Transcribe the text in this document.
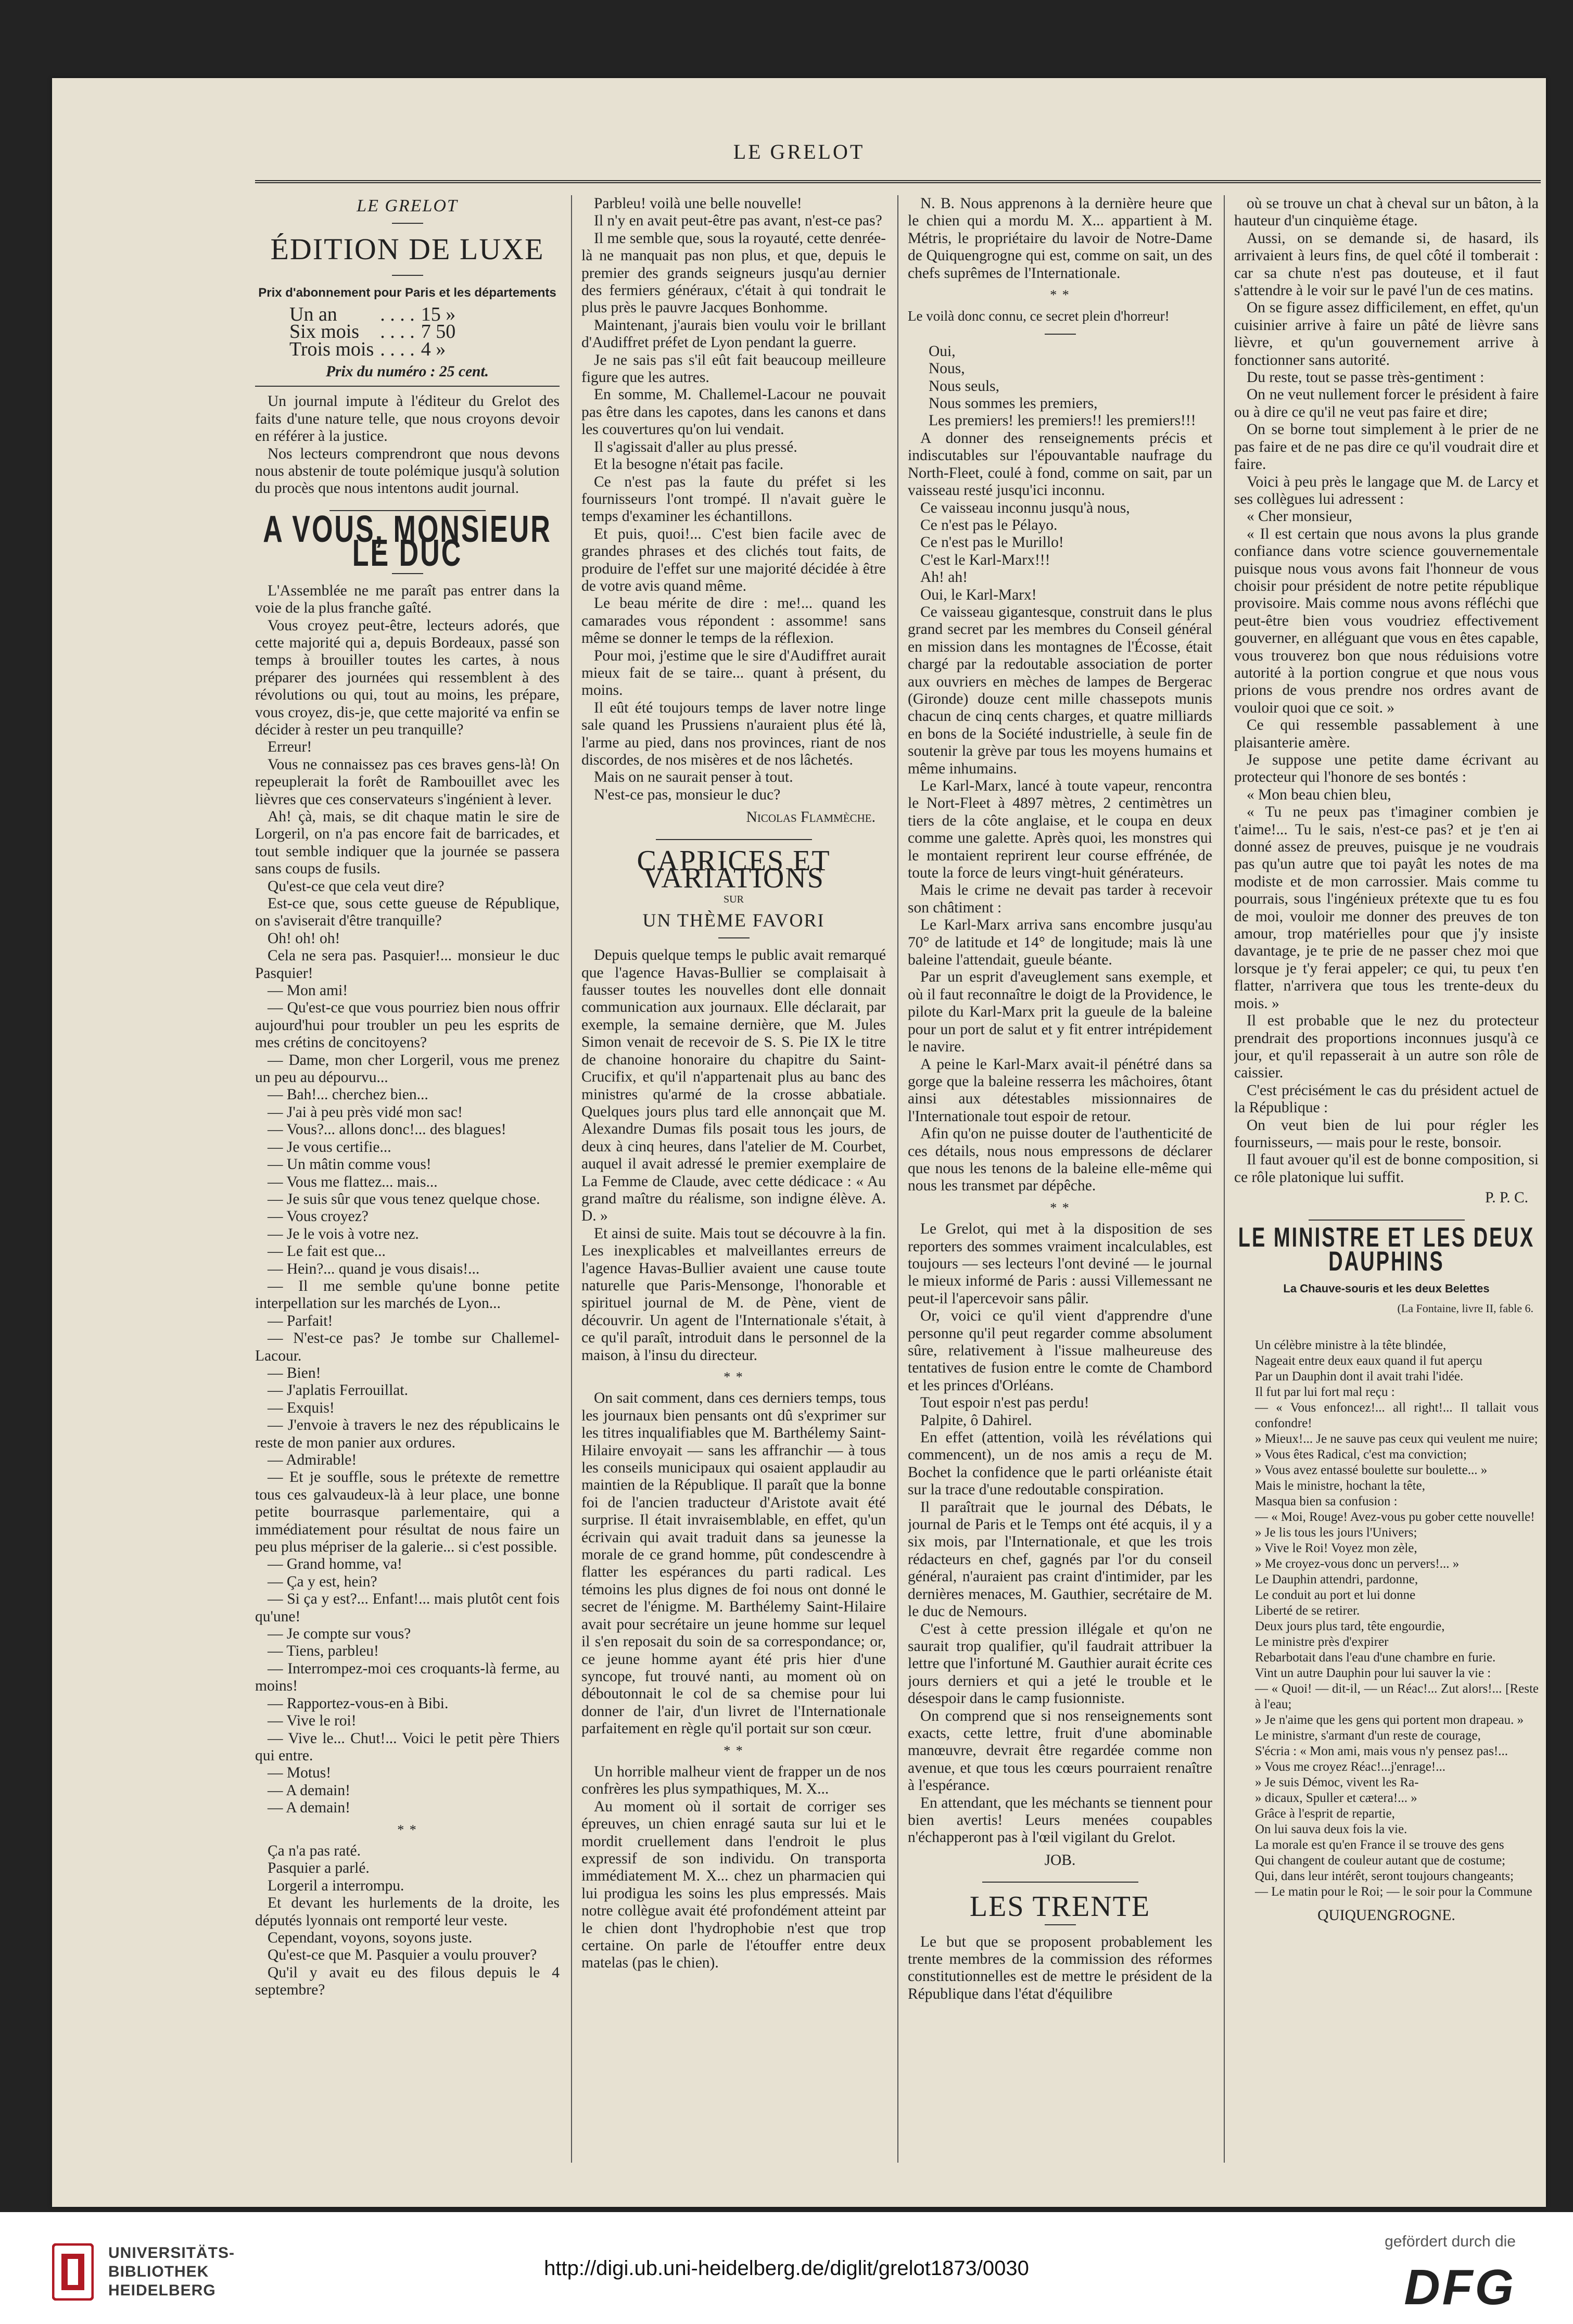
LE GRELOT
LE GRELOT
ÉDITION DE LUXE
Prix d'abonnement pour Paris et les départements
Un an	. . . .	15 »
Six mois	. . . .	7 50
Trois mois	. . . .	4 »
Prix du numéro : 25 cent.

Un journal impute à l'éditeur du Grelot des faits d'une nature telle, que nous croyons devoir en référer à la justice.

Nos lecteurs comprendront que nous devons nous abstenir de toute polémique jusqu'à solution du procès que nous intentons audit journal.

A VOUS, MONSIEUR LE DUC

L'Assemblée ne me paraît pas entrer dans la voie de la plus franche gaîté.

Vous croyez peut-être, lecteurs adorés, que cette majorité qui a, depuis Bordeaux, passé son temps à brouiller toutes les cartes, à nous préparer des journées qui ressemblent à des révolutions ou qui, tout au moins, les prépare, vous croyez, dis-je, que cette majorité va enfin se décider à rester un peu tranquille?

Erreur!

Vous ne connaissez pas ces braves gens-là! On repeuplerait la forêt de Rambouillet avec les lièvres que ces conservateurs s'ingénient à lever.

Ah! çà, mais, se dit chaque matin le sire de Lorgeril, on n'a pas encore fait de barricades, et tout semble indiquer que la journée se passera sans coups de fusils.

Qu'est-ce que cela veut dire?

Est-ce que, sous cette gueuse de République, on s'aviserait d'être tranquille?

Oh! oh! oh!

Cela ne sera pas. Pasquier!... monsieur le duc Pasquier!

— Mon ami!

— Qu'est-ce que vous pourriez bien nous offrir aujourd'hui pour troubler un peu les esprits de mes crétins de concitoyens?

— Dame, mon cher Lorgeril, vous me prenez un peu au dépourvu...

— Bah!... cherchez bien...

— J'ai à peu près vidé mon sac!

— Vous?... allons donc!... des blagues!

— Je vous certifie...

— Un mâtin comme vous!

— Vous me flattez... mais...

— Je suis sûr que vous tenez quelque chose.

— Vous croyez?

— Je le vois à votre nez.

— Le fait est que...

— Hein?... quand je vous disais!...

— Il me semble qu'une bonne petite interpellation sur les marchés de Lyon...

— Parfait!

— N'est-ce pas? Je tombe sur Challemel-Lacour.

— Bien!

— J'aplatis Ferrouillat.

— Exquis!

— J'envoie à travers le nez des républicains le reste de mon panier aux ordures.

— Admirable!

— Et je souffle, sous le prétexte de remettre tous ces galvaudeux-là à leur place, une bonne petite bourrasque parlementaire, qui a immédiatement pour résultat de nous faire un peu plus mépriser de la galerie... si c'est possible.

— Grand homme, va!

— Ça y est, hein?

— Si ça y est?... Enfant!... mais plutôt cent fois qu'une!

— Je compte sur vous?

— Tiens, parbleu!

— Interrompez-moi ces croquants-là ferme, au moins!

— Rapportez-vous-en à Bibi.

— Vive le roi!

— Vive le... Chut!... Voici le petit père Thiers qui entre.

— Motus!

— A demain!

— A demain!

* *

Ça n'a pas raté.

Pasquier a parlé.

Lorgeril a interrompu.

Et devant les hurlements de la droite, les députés lyonnais ont remporté leur veste.

Cependant, voyons, soyons juste.

Qu'est-ce que M. Pasquier a voulu prouver?

Qu'il y avait eu des filous depuis le 4 septembre?

Parbleu! voilà une belle nouvelle!

Il n'y en avait peut-être pas avant, n'est-ce pas?

Il me semble que, sous la royauté, cette denrée-là ne manquait pas non plus, et que, depuis le premier des grands seigneurs jusqu'au dernier des fermiers généraux, c'était à qui tondrait le plus près le pauvre Jacques Bonhomme.

Maintenant, j'aurais bien voulu voir le brillant d'Audiffret préfet de Lyon pendant la guerre.

Je ne sais pas s'il eût fait beaucoup meilleure figure que les autres.

En somme, M. Challemel-Lacour ne pouvait pas être dans les capotes, dans les canons et dans les couvertures qu'on lui vendait.

Il s'agissait d'aller au plus pressé.

Et la besogne n'était pas facile.

Ce n'est pas la faute du préfet si les fournisseurs l'ont trompé. Il n'avait guère le temps d'examiner les échantillons.

Et puis, quoi!... C'est bien facile avec de grandes phrases et des clichés tout faits, de produire de l'effet sur une majorité décidée à être de votre avis quand même.

Le beau mérite de dire : me!... quand les camarades vous répondent : assomme! sans même se donner le temps de la réflexion.

Pour moi, j'estime que le sire d'Audiffret aurait mieux fait de se taire... quant à présent, du moins.

Il eût été toujours temps de laver notre linge sale quand les Prussiens n'auraient plus été là, l'arme au pied, dans nos provinces, riant de nos discordes, de nos misères et de nos lâchetés.

Mais on ne saurait penser à tout.

N'est-ce pas, monsieur le duc?

Nicolas Flammèche.
CAPRICES ET VARIATIONS
SUR
UN THÈME FAVORI

Depuis quelque temps le public avait remarqué que l'agence Havas-Bullier se complaisait à fausser toutes les nouvelles dont elle donnait communication aux journaux. Elle déclarait, par exemple, la semaine dernière, que M. Jules Simon venait de recevoir de S. S. Pie IX le titre de chanoine honoraire du chapitre du Saint-Crucifix, et qu'il n'appartenait plus au banc des ministres qu'armé de la crosse abbatiale. Quelques jours plus tard elle annonçait que M. Alexandre Dumas fils posait tous les jours, de deux à cinq heures, dans l'atelier de M. Courbet, auquel il avait adressé le premier exemplaire de La Femme de Claude, avec cette dédicace : « Au grand maître du réalisme, son indigne élève. A. D. »

Et ainsi de suite. Mais tout se découvre à la fin. Les inexplicables et malveillantes erreurs de l'agence Havas-Bullier avaient une cause toute naturelle que Paris-Mensonge, l'honorable et spirituel journal de M. de Pène, vient de découvrir. Un agent de l'Internationale s'était, à ce qu'il paraît, introduit dans le personnel de la maison, à l'insu du directeur.

* *

On sait comment, dans ces derniers temps, tous les journaux bien pensants ont dû s'exprimer sur les titres inqualifiables que M. Barthélemy Saint-Hilaire envoyait — sans les affranchir — à tous les conseils municipaux qui osaient applaudir au maintien de la République. Il paraît que la bonne foi de l'ancien traducteur d'Aristote avait été surprise. Il était invraisemblable, en effet, qu'un écrivain qui avait traduit dans sa jeunesse la morale de ce grand homme, pût condescendre à flatter les espérances du parti radical. Les témoins les plus dignes de foi nous ont donné le secret de l'énigme. M. Barthélemy Saint-Hilaire avait pour secrétaire un jeune homme sur lequel il s'en reposait du soin de sa correspondance; or, ce jeune homme ayant été pris hier d'une syncope, fut trouvé nanti, au moment où on déboutonnait le col de sa chemise pour lui donner de l'air, d'un livret de l'Internationale parfaitement en règle qu'il portait sur son cœur.

* *

Un horrible malheur vient de frapper un de nos confrères les plus sympathiques, M. X...

Au moment où il sortait de corriger ses épreuves, un chien enragé sauta sur lui et le mordit cruellement dans l'endroit le plus expressif de son individu. On transporta immédiatement M. X... chez un pharmacien qui lui prodigua les soins les plus empressés. Mais notre collègue avait été profondément atteint par le chien dont l'hydrophobie n'est que trop certaine. On parle de l'étouffer entre deux matelas (pas le chien).

N. B. Nous apprenons à la dernière heure que le chien qui a mordu M. X... appartient à M. Métris, le propriétaire du lavoir de Notre-Dame de Quiquengrogne qui est, comme on sait, un des chefs suprêmes de l'Internationale.

* *

Le voilà donc connu, ce secret plein d'horreur!

Oui,

Nous,

Nous seuls,

Nous sommes les premiers,

Les premiers! les premiers!! les premiers!!!

A donner des renseignements précis et indiscutables sur l'épouvantable naufrage du North-Fleet, coulé à fond, comme on sait, par un vaisseau resté jusqu'ici inconnu.

Ce vaisseau inconnu jusqu'à nous,

Ce n'est pas le Pélayo.

Ce n'est pas le Murillo!

C'est le Karl-Marx!!!

Ah! ah!

Oui, le Karl-Marx!

Ce vaisseau gigantesque, construit dans le plus grand secret par les membres du Conseil général en mission dans les montagnes de l'Écosse, était chargé par la redoutable association de porter aux ouvriers en mèches de lampes de Bergerac (Gironde) douze cent mille chassepots munis chacun de cinq cents charges, et quatre milliards en bons de la Société industrielle, à seule fin de soutenir la grève par tous les moyens humains et même inhumains.

Le Karl-Marx, lancé à toute vapeur, rencontra le Nort-Fleet à 4897 mètres, 2 centimètres un tiers de la côte anglaise, et le coupa en deux comme une galette. Après quoi, les monstres qui le montaient reprirent leur course effrénée, de toute la force de leurs vingt-huit générateurs.

Mais le crime ne devait pas tarder à recevoir son châtiment :

Le Karl-Marx arriva sans encombre jusqu'au 70° de latitude et 14° de longitude; mais là une baleine l'attendait, gueule béante.

Par un esprit d'aveuglement sans exemple, et où il faut reconnaître le doigt de la Providence, le pilote du Karl-Marx prit la gueule de la baleine pour un port de salut et y fit entrer intrépidement le navire.

A peine le Karl-Marx avait-il pénétré dans sa gorge que la baleine resserra les mâchoires, ôtant ainsi aux détestables missionnaires de l'Internationale tout espoir de retour.

Afin qu'on ne puisse douter de l'authenticité de ces détails, nous nous empressons de déclarer que nous les tenons de la baleine elle-même qui nous les transmet par dépêche.

* *

Le Grelot, qui met à la disposition de ses reporters des sommes vraiment incalculables, est toujours — ses lecteurs l'ont deviné — le journal le mieux informé de Paris : aussi Villemessant ne peut-il l'apercevoir sans pâlir.

Or, voici ce qu'il vient d'apprendre d'une personne qu'il peut regarder comme absolument sûre, relativement à l'issue malheureuse des tentatives de fusion entre le comte de Chambord et les princes d'Orléans.

Tout espoir n'est pas perdu!

Palpite, ô Dahirel.

En effet (attention, voilà les révélations qui commencent), un de nos amis a reçu de M. Bochet la confidence que le parti orléaniste était sur la trace d'une redoutable conspiration.

Il paraîtrait que le journal des Débats, le journal de Paris et le Temps ont été acquis, il y a six mois, par l'Internationale, et que les trois rédacteurs en chef, gagnés par l'or du conseil général, n'auraient pas craint d'intimider, par les dernières menaces, M. Gauthier, secrétaire de M. le duc de Nemours.

C'est à cette pression illégale et qu'on ne saurait trop qualifier, qu'il faudrait attribuer la lettre que l'infortuné M. Gauthier aurait écrite ces jours derniers et qui a jeté le trouble et le désespoir dans le camp fusionniste.

On comprend que si nos renseignements sont exacts, cette lettre, fruit d'une abominable manœuvre, devrait être regardée comme non avenue, et que tous les cœurs pourraient renaître à l'espérance.

En attendant, que les méchants se tiennent pour bien avertis! Leurs menées coupables n'échapperont pas à l'œil vigilant du Grelot.

JOB.
LES TRENTE

Le but que se proposent probablement les trente membres de la commission des réformes constitutionnelles est de mettre le président de la République dans l'état d'équilibre

où se trouve un chat à cheval sur un bâton, à la hauteur d'un cinquième étage.

Aussi, on se demande si, de hasard, ils arrivaient à leurs fins, de quel côté il tomberait : car sa chute n'est pas douteuse, et il faut s'attendre à le voir sur le pavé l'un de ces matins.

On se figure assez difficilement, en effet, qu'un cuisinier arrive à faire un pâté de lièvre sans lièvre, et qu'un gouvernement arrive à fonctionner sans autorité.

Du reste, tout se passe très-gentiment :

On ne veut nullement forcer le président à faire ou à dire ce qu'il ne veut pas faire et dire;

On se borne tout simplement à le prier de ne pas faire et de ne pas dire ce qu'il voudrait dire et faire.

Voici à peu près le langage que M. de Larcy et ses collègues lui adressent :

« Cher monsieur,

« Il est certain que nous avons la plus grande confiance dans votre science gouvernementale puisque nous vous avons fait l'honneur de vous choisir pour président de notre petite république provisoire. Mais comme nous avons réfléchi que peut-être bien vous voudriez effectivement gouverner, en alléguant que vous en êtes capable, vous trouverez bon que nous réduisions votre autorité à la portion congrue et que nous vous prions de vous prendre nos ordres avant de vouloir quoi que ce soit. »

Ce qui ressemble passablement à une plaisanterie amère.

Je suppose une petite dame écrivant au protecteur qui l'honore de ses bontés :

« Mon beau chien bleu,

« Tu ne peux pas t'imaginer combien je t'aime!... Tu le sais, n'est-ce pas? et je t'en ai donné assez de preuves, puisque je ne voudrais pas qu'un autre que toi payât les notes de ma modiste et de mon carrossier. Mais comme tu pourrais, sous l'ingénieux prétexte que tu es fou de moi, vouloir me donner des preuves de ton amour, trop matérielles pour que j'y insiste davantage, je te prie de ne passer chez moi que lorsque je t'y ferai appeler; ce qui, tu peux t'en flatter, n'arrivera que tous les trente-deux du mois. »

Il est probable que le nez du protecteur prendrait des proportions inconnues jusqu'à ce jour, et qu'il repasserait à un autre son rôle de caissier.

C'est précisément le cas du président actuel de la République :

On veut bien de lui pour régler les fournisseurs, — mais pour le reste, bonsoir.

Il faut avouer qu'il est de bonne composition, si ce rôle platonique lui suffit.

P. P. C.
LE MINISTRE ET LES DEUX DAUPHINS
La Chauve-souris et les deux Belettes
(La Fontaine, livre II, fable 6.

Un célèbre ministre à la tête blindée,

Nageait entre deux eaux quand il fut aperçu

Par un Dauphin dont il avait trahi l'idée.

Il fut par lui fort mal reçu :

— « Vous enfoncez!... all right!... Il tallait vous confondre!

» Mieux!... Je ne sauve pas ceux qui veulent me nuire;

» Vous êtes Radical, c'est ma conviction;

» Vous avez entassé boulette sur boulette... »

Mais le ministre, hochant la tête,

Masqua bien sa confusion :

— « Moi, Rouge! Avez-vous pu gober cette nouvelle!

» Je lis tous les jours l'Univers;

» Vive le Roi! Voyez mon zèle,

» Me croyez-vous donc un pervers!... »

Le Dauphin attendri, pardonne,

Le conduit au port et lui donne

Liberté de se retirer.

Deux jours plus tard, tête engourdie,

Le ministre près d'expirer

Rebarbotait dans l'eau d'une chambre en furie.

Vint un autre Dauphin pour lui sauver la vie :

— « Quoi! — dit-il, — un Réac!... Zut alors!... [Reste à l'eau;

» Je n'aime que les gens qui portent mon drapeau. »

Le ministre, s'armant d'un reste de courage,

S'écria : « Mon ami, mais vous n'y pensez pas!...

» Vous me croyez Réac!...j'enrage!...

» Je suis Démoc, vivent les Ra-

» dicaux, Spuller et cætera!... »

Grâce à l'esprit de repartie,

On lui sauva deux fois la vie.

La morale est qu'en France il se trouve des gens

Qui changent de couleur autant que de costume;

Qui, dans leur intérêt, seront toujours changeants;

— Le matin pour le Roi; — le soir pour la Commune

QUIQUENGROGNE.
UNIVERSITÄTS-
BIBLIOTHEK
HEIDELBERG
http://digi.ub.uni-heidelberg.de/diglit/grelot1873/0030
gefördert durch die
DFG
